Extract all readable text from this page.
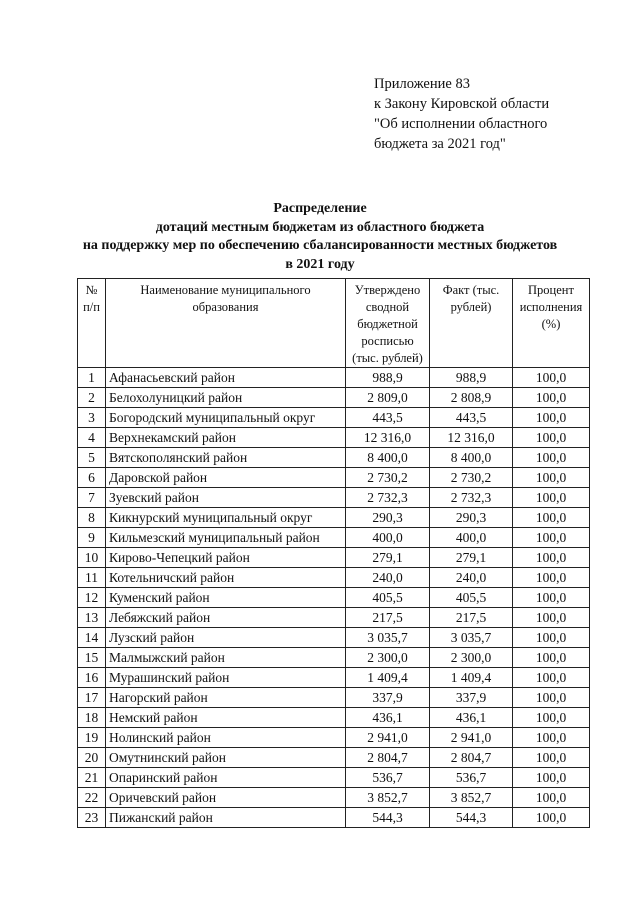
Приложение 83
к Закону Кировской области
"Об исполнении областного
бюджета за 2021 год"
Распределение
дотаций местным бюджетам из областного бюджета
на поддержку мер по обеспечению сбалансированности местных бюджетов
в 2021 году
№ п/п	Наименование муниципального образования	Утверждено сводной бюджетной росписью (тыс. рублей)	Факт (тыс. рублей)	Процент исполнения (%)
1	Афанасьевский район	988,9	988,9	100,0
2	Белохолуницкий район	2 809,0	2 808,9	100,0
3	Богородский муниципальный округ	443,5	443,5	100,0
4	Верхнекамский район	12 316,0	12 316,0	100,0
5	Вятскополянский район	8 400,0	8 400,0	100,0
6	Даровской район	2 730,2	2 730,2	100,0
7	Зуевский район	2 732,3	2 732,3	100,0
8	Кикнурский муниципальный округ	290,3	290,3	100,0
9	Кильмезский муниципальный район	400,0	400,0	100,0
10	Кирово-Чепецкий район	279,1	279,1	100,0
11	Котельничский район	240,0	240,0	100,0
12	Куменский район	405,5	405,5	100,0
13	Лебяжский район	217,5	217,5	100,0
14	Лузский район	3 035,7	3 035,7	100,0
15	Малмыжский район	2 300,0	2 300,0	100,0
16	Мурашинский район	1 409,4	1 409,4	100,0
17	Нагорский район	337,9	337,9	100,0
18	Немский район	436,1	436,1	100,0
19	Нолинский район	2 941,0	2 941,0	100,0
20	Омутнинский район	2 804,7	2 804,7	100,0
21	Опаринский район	536,7	536,7	100,0
22	Оричевский район	3 852,7	3 852,7	100,0
23	Пижанский район	544,3	544,3	100,0
